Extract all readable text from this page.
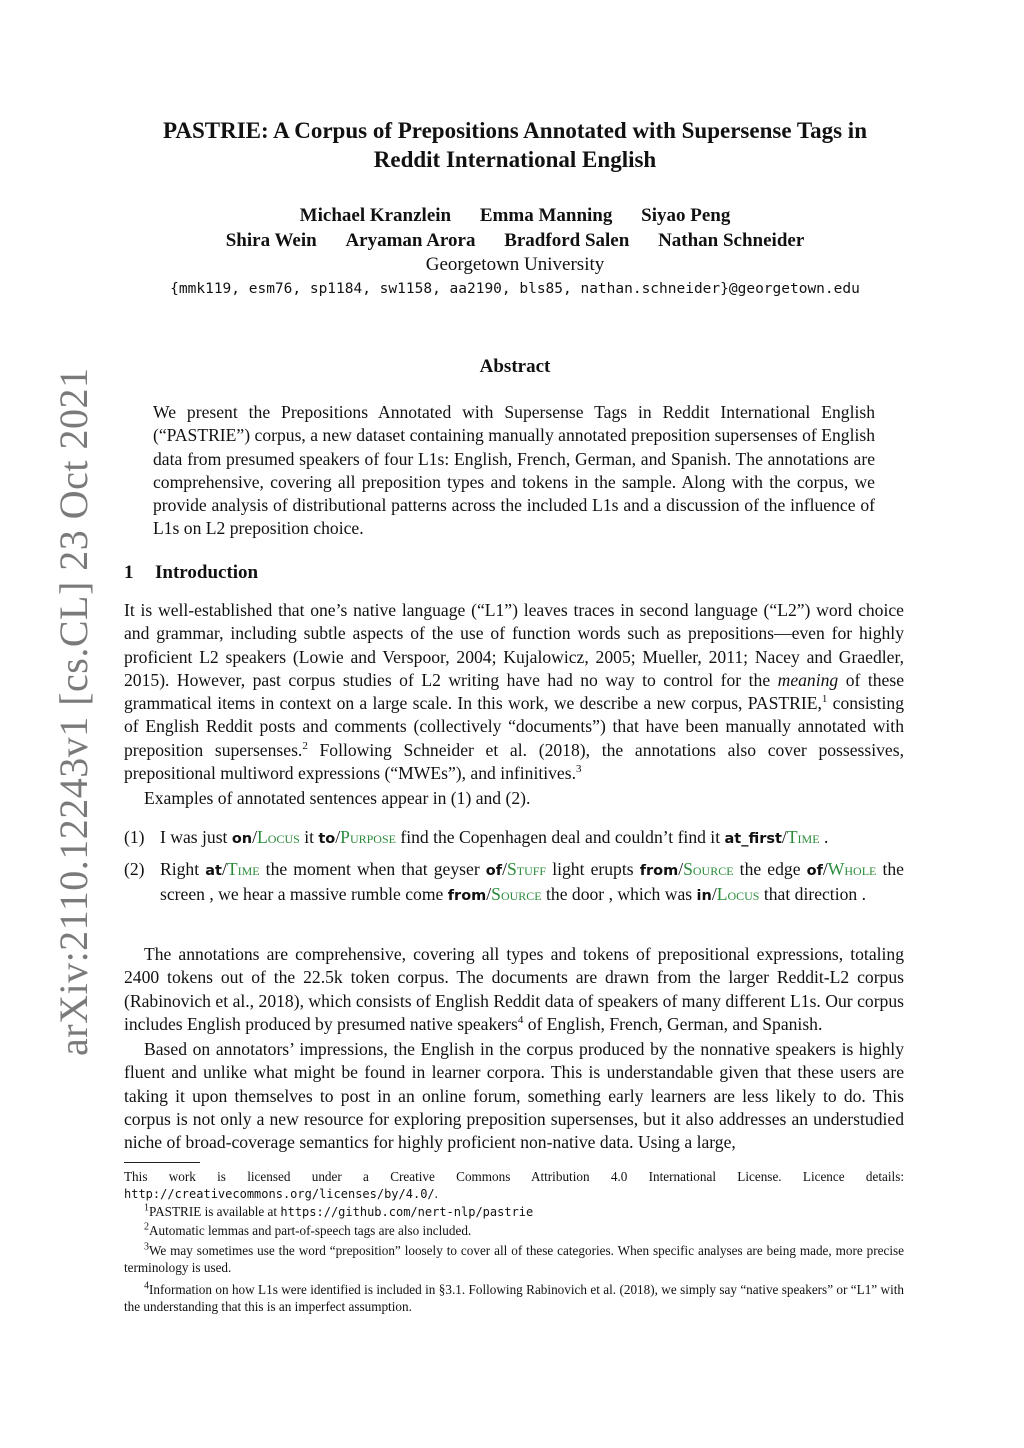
arXiv:2110.12243v1 [cs.CL] 23 Oct 2021
PASTRIE: A Corpus of Prepositions Annotated with Supersense Tags in
Reddit International English
Michael Kranzlein Emma Manning Siyao Peng
Shira Wein Aryaman Arora Bradford Salen Nathan Schneider
Georgetown University
{mmk119, esm76, sp1184, sw1158, aa2190, bls85, nathan.schneider}@georgetown.edu
Abstract
We present the Prepositions Annotated with Supersense Tags in Reddit International English (“PASTRIE”) corpus, a new dataset containing manually annotated preposition supersenses of English data from presumed speakers of four L1s: English, French, German, and Spanish. The annotations are comprehensive, covering all preposition types and tokens in the sample. Along with the corpus, we provide analysis of distributional patterns across the included L1s and a discussion of the influence of L1s on L2 preposition choice.
1 Introduction
It is well-established that one’s native language (“L1”) leaves traces in second language (“L2”) word choice and grammar, including subtle aspects of the use of function words such as prepositions—even for highly proficient L2 speakers (Lowie and Verspoor, 2004; Kujalowicz, 2005; Mueller, 2011; Nacey and Graedler, 2015). However, past corpus studies of L2 writing have had no way to control for the meaning of these grammatical items in context on a large scale. In this work, we describe a new corpus, PASTRIE,$^1$ consisting of English Reddit posts and comments (collectively “documents”) that have been manually annotated with preposition supersenses.$^2$ Following Schneider et al. (2018), the annotations also cover possessives, prepositional multiword expressions (“MWEs”), and infinitives.$^3$
Examples of annotated sentences appear in (1) and (2).
(1) I was just on/Locus it to/Purpose find the Copenhagen deal and couldn’t find it at_first/Time .
(2) Right at/Time the moment when that geyser of/Stuff light erupts from/Source the edge of/Whole the screen , we hear a massive rumble come from/Source the door , which was in/Locus that direction .
The annotations are comprehensive, covering all types and tokens of prepositional expressions, totaling 2400 tokens out of the 22.5k token corpus. The documents are drawn from the larger Reddit-L2 corpus (Rabinovich et al., 2018), which consists of English Reddit data of speakers of many different L1s. Our corpus includes English produced by presumed native speakers$^4$ of English, French, German, and Spanish.
Based on annotators’ impressions, the English in the corpus produced by the nonnative speakers is highly fluent and unlike what might be found in learner corpora. This is understandable given that these users are taking it upon themselves to post in an online forum, something early learners are less likely to do. This corpus is not only a new resource for exploring preposition supersenses, but it also addresses an understudied niche of broad-coverage semantics for highly proficient non-native data. Using a large,
This work is licensed under a Creative Commons Attribution 4.0 International License. Licence details: http://creativecommons.org/licenses/by/4.0/.
$^1$PASTRIE is available at https://github.com/nert-nlp/pastrie
$^2$Automatic lemmas and part-of-speech tags are also included.
$^3$We may sometimes use the word “preposition” loosely to cover all of these categories. When specific analyses are being made, more precise terminology is used.
$^4$Information on how L1s were identified is included in §3.1. Following Rabinovich et al. (2018), we simply say “native speakers” or “L1” with the understanding that this is an imperfect assumption.
